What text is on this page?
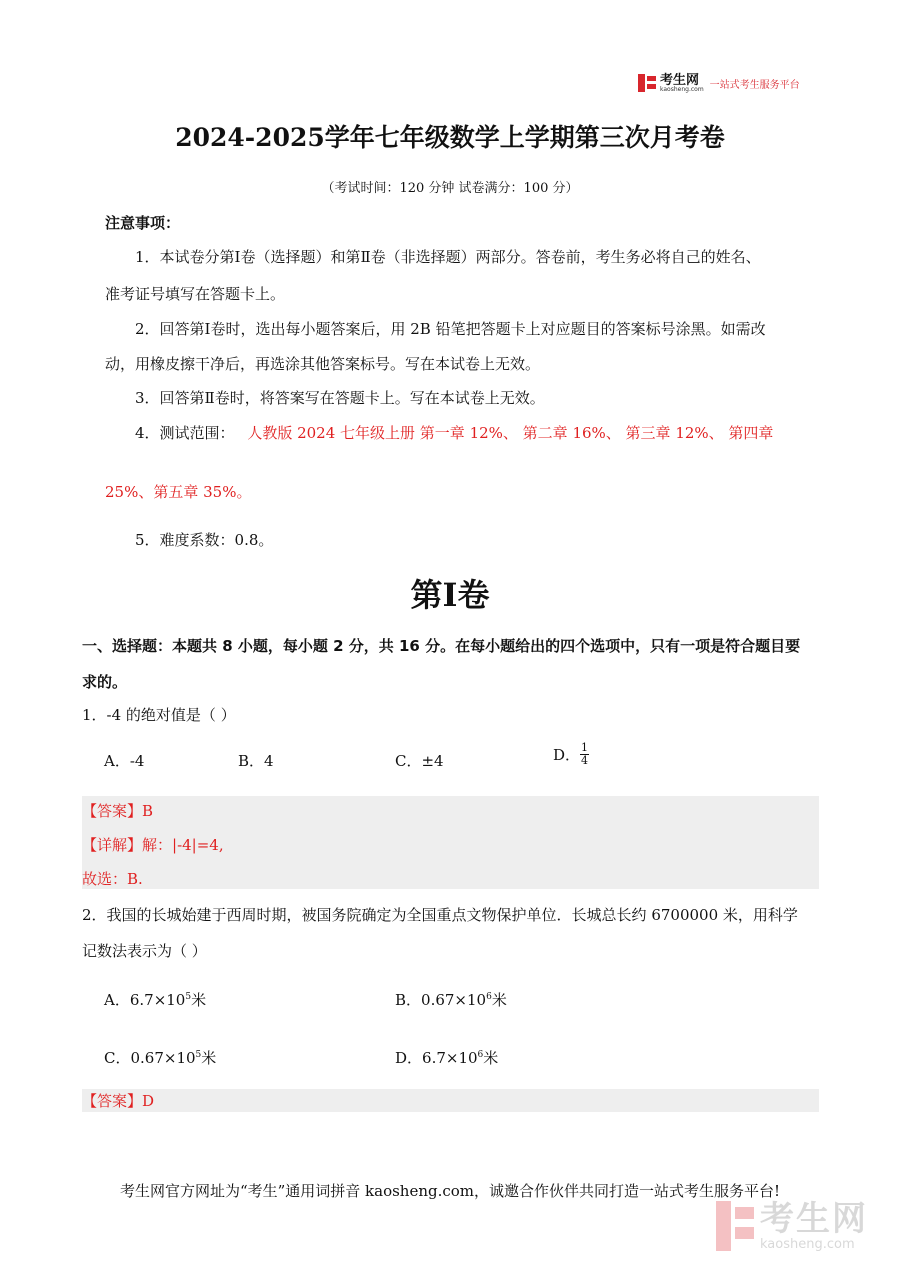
考生网
kaosheng.com 一站式考生服务平台
2024-2025学年七年级数学上学期第三次月考卷
（考试时间：120 分钟 试卷满分：100 分）
注意事项：
1．本试卷分第Ⅰ卷（选择题）和第Ⅱ卷（非选择题）两部分。答卷前，考生务必将自己的姓名、
准考证号填写在答题卡上。
2．回答第Ⅰ卷时，选出每小题答案后，用 2B 铅笔把答题卡上对应题目的答案标号涂黑。如需改
动，用橡皮擦干净后，再选涂其他答案标号。写在本试卷上无效。
3．回答第Ⅱ卷时，将答案写在答题卡上。写在本试卷上无效。
4．测试范围： 人教版 2024 七年级上册 第一章 12%、 第二章 16%、 第三章 12%、 第四章
25%、第五章 35%。
5．难度系数：0.8。
第Ⅰ卷
一、选择题：本题共 8 小题，每小题 2 分，共 16 分。在每小题给出的四个选项中，只有一项是符合题目要
求的。
1．-4 的绝对值是（ ）
A．-4	B．4	C．±4	D． $\frac{1}{4}$
【答案】B
【详解】解：|-4|=4,
故选：B.
2．我国的长城始建于西周时期，被国务院确定为全国重点文物保护单位．长城总长约 6700000 米，用科学
记数法表示为（ ）
A．$6.7\times 10^5$米	B．$0.67\times 10^6$米
C．$0.67\times 10^5$米	D．$6.7\times 10^6$米
【答案】D
考生网官方网址为“考生”通用词拼音 kaosheng.com，诚邀合作伙伴共同打造一站式考生服务平台!
考生网
kaosheng.com
